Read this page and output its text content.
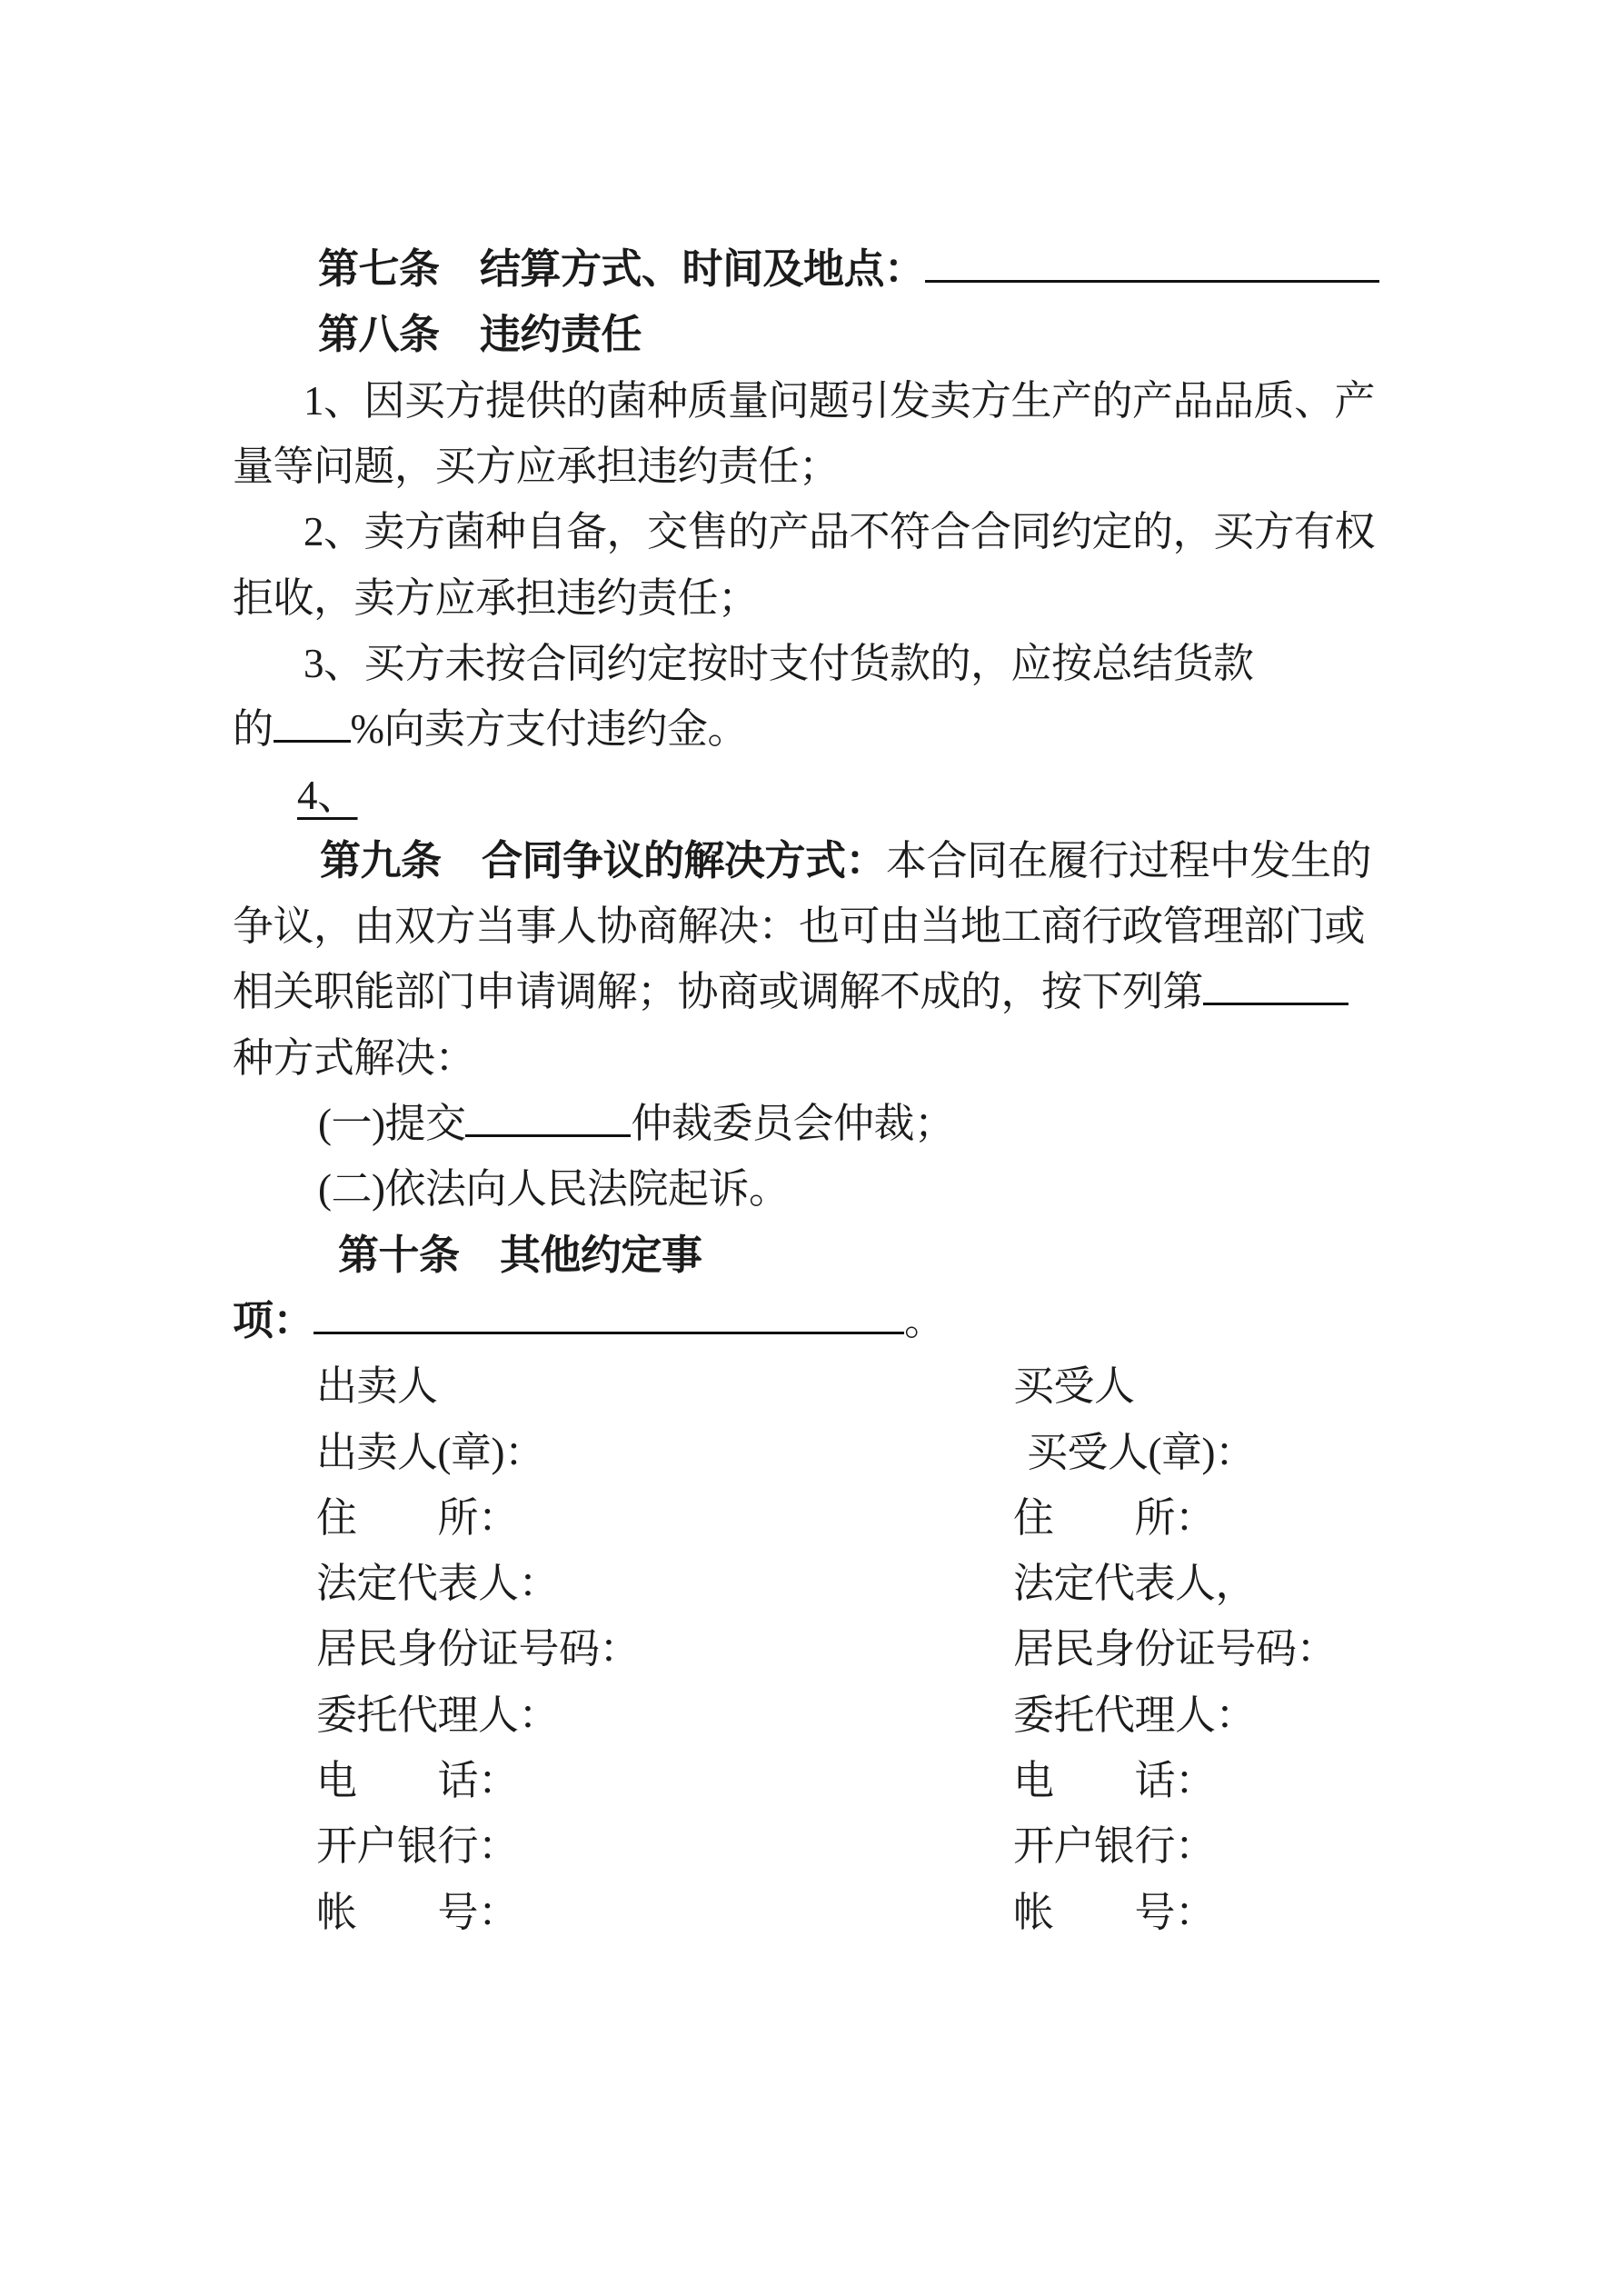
第七条　结算方式、时间及地点：
第八条　违约责任
1、因买方提供的菌种质量问题引发卖方生产的产品品质、产
量等问题，买方应承担违约责任；
2、卖方菌种自备，交售的产品不符合合同约定的，买方有权
拒收，卖方应承担违约责任；
3、买方未按合同约定按时支付货款的，应按总结货款
的 %向卖方支付违约金。
4、
第九条　合同争议的解决方式：本合同在履行过程中发生的
争议，由双方当事人协商解决：也可由当地工商行政管理部门或
相关职能部门申请调解；协商或调解不成的，按下列第
种方式解决：
(一)提交	仲裁委员会仲裁；
(二)依法向人民法院起诉。
第十条　其他约定事
项：	。
出卖人	买受人
出卖人(章)：	买受人(章)：
住　　所：	住　　所：
法定代表人：	法定代表人，
居民身份证号码：	居民身份证号码：
委托代理人：	委托代理人：
电　　话：	电　　话：
开户银行：	开户银行：
帐　　号：	帐　　号：
